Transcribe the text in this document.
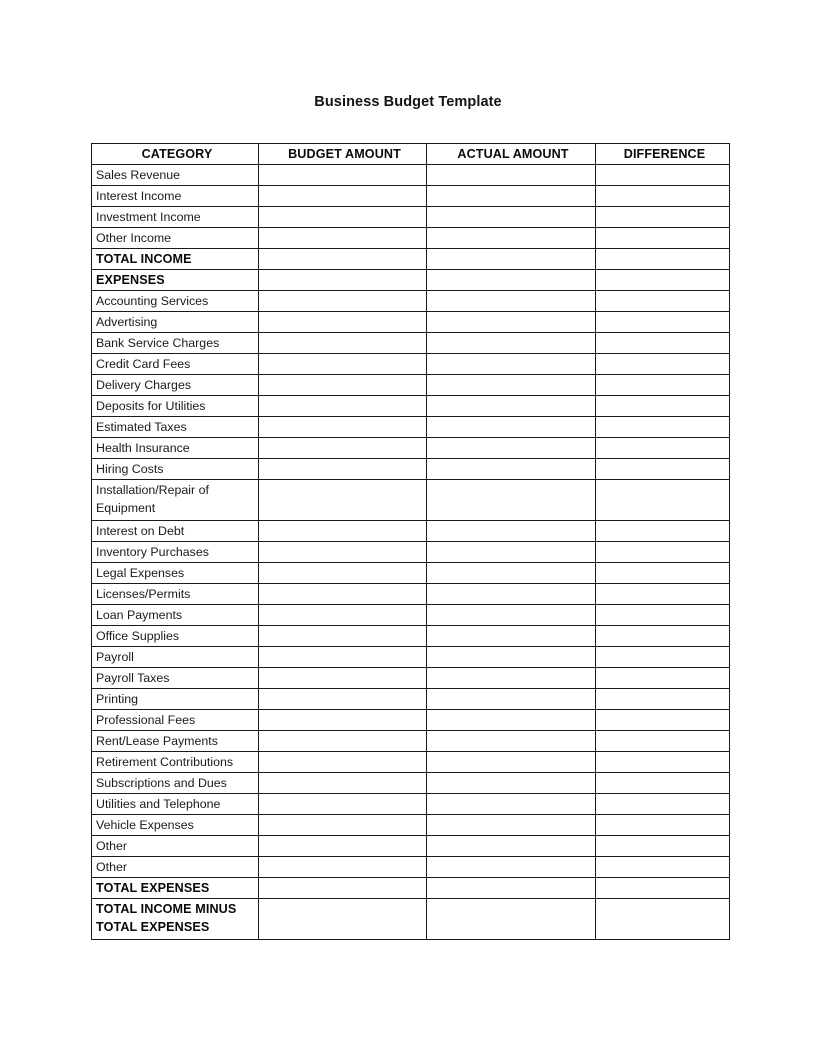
Business Budget Template
CATEGORY	BUDGET AMOUNT	ACTUAL AMOUNT	DIFFERENCE

Sales Revenue			

Interest Income			

Investment Income			

Other Income			

TOTAL INCOME			

EXPENSES			

Accounting Services			

Advertising			

Bank Service Charges			

Credit Card Fees			

Delivery Charges			

Deposits for Utilities			

Estimated Taxes			

Health Insurance			

Hiring Costs			

Installation/Repair of Equipment			

Interest on Debt			

Inventory Purchases			

Legal Expenses			

Licenses/Permits			

Loan Payments			

Office Supplies			

Payroll			

Payroll Taxes			

Printing			

Professional Fees			

Rent/Lease Payments			

Retirement Contributions			

Subscriptions and Dues			

Utilities and Telephone			

Vehicle Expenses			

Other			

Other			

TOTAL EXPENSES			

TOTAL INCOME MINUS TOTAL EXPENSES			
